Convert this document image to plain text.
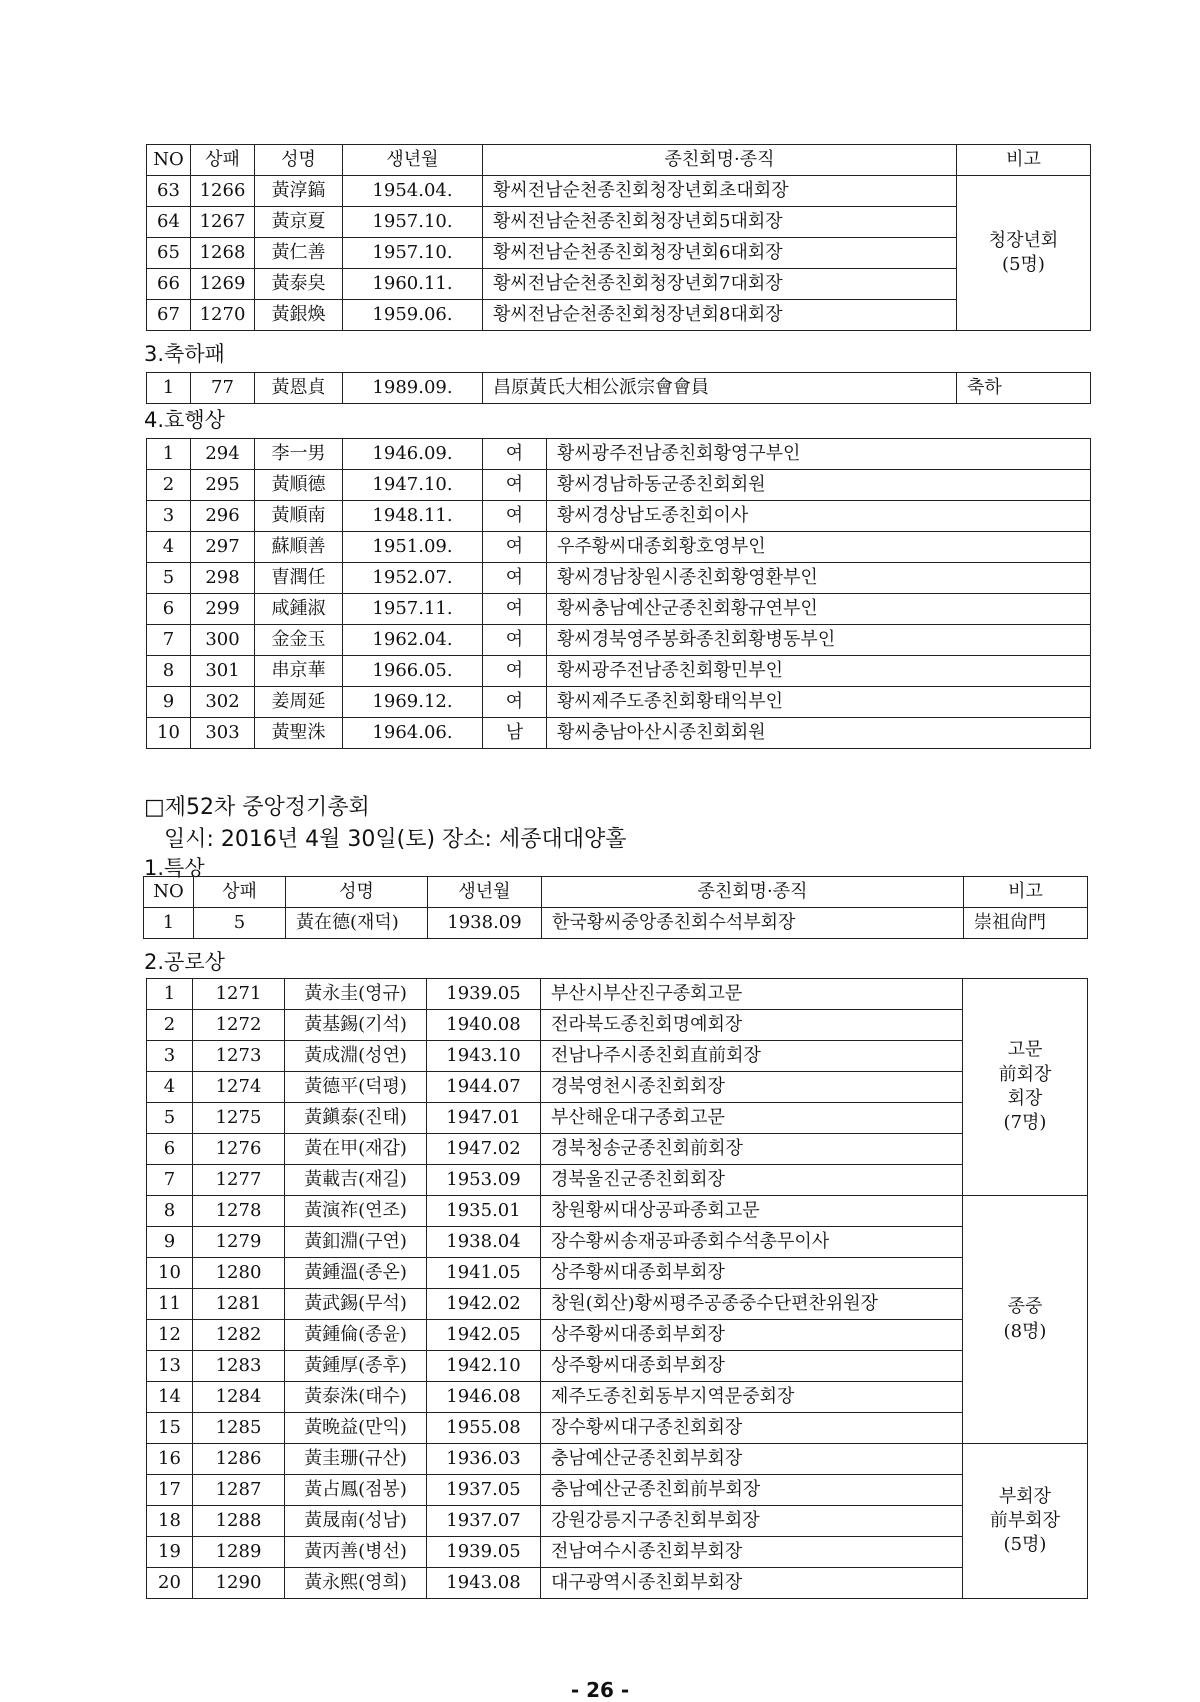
NO	상패	성명	생년월	종친회명·종직	비고
63	1266	黃淳鎬	1954.04.	황씨전남순천종친회청장년회초대회장	청장년회
(5명)

64	1267	黃京夏	1957.10.	황씨전남순천종친회청장년회5대회장	
65	1268	黃仁善	1957.10.	황씨전남순천종친회청장년회6대회장	
66	1269	黃泰㚖	1960.11.	황씨전남순천종친회청장년회7대회장	
67	1270	黃銀煥	1959.06.	황씨전남순천종친회청장년회8대회장	
3.축하패
1	77	黃恩貞	1989.09.	昌原黃氏大相公派宗會會員	축하
4.효행상
1	294	李一男	1946.09.	여	황씨광주전남종친회황영구부인
2	295	黃順德	1947.10.	여	황씨경남하동군종친회회원
3	296	黃順南	1948.11.	여	황씨경상남도종친회이사
4	297	蘇順善	1951.09.	여	우주황씨대종회황호영부인
5	298	曺潤任	1952.07.	여	황씨경남창원시종친회황영환부인
6	299	咸鍾淑	1957.11.	여	황씨충남예산군종친회황규연부인
7	300	金金玉	1962.04.	여	황씨경북영주봉화종친회황병동부인
8	301	串京華	1966.05.	여	황씨광주전남종친회황민부인
9	302	姜周延	1969.12.	여	황씨제주도종친회황태익부인
10	303	黃聖洙	1964.06.	남	황씨충남아산시종친회회원
□제52차 중앙정기총회
일시: 2016년 4월 30일(토) 장소: 세종대대양홀
1.특상
NO	상패	성명	생년월	종친회명·종직	비고
1	5	黃在德(재덕)	1938.09	한국황씨중앙종친회수석부회장	崇祖尙門
2.공로상
1	1271	黃永圭(영규)	1939.05	부산시부산진구종회고문	고문
前회장
회장
(7명)

2	1272	黃基錫(기석)	1940.08	전라북도종친회명예회장	
3	1273	黃成淵(성연)	1943.10	전남나주시종친회直前회장	
4	1274	黃德平(덕평)	1944.07	경북영천시종친회회장	
5	1275	黃鎭泰(진태)	1947.01	부산해운대구종회고문	
6	1276	黃在甲(재갑)	1947.02	경북청송군종친회前회장	
7	1277	黃載吉(재길)	1953.09	경북울진군종친회회장	
8	1278	黃演祚(연조)	1935.01	창원황씨대상공파종회고문	종중
(8명)

9	1279	黃釦淵(구연)	1938.04	장수황씨송재공파종회수석총무이사	
10	1280	黃鍾溫(종온)	1941.05	상주황씨대종회부회장	
11	1281	黃武錫(무석)	1942.02	창원(회산)황씨평주공종중수단편찬위원장	
12	1282	黃鍾倫(종윤)	1942.05	상주황씨대종회부회장	
13	1283	黃鍾厚(종후)	1942.10	상주황씨대종회부회장	
14	1284	黃泰洙(태수)	1946.08	제주도종친회동부지역문중회장	
15	1285	黃晩益(만익)	1955.08	장수황씨대구종친회회장	
16	1286	黃圭珊(규산)	1936.03	충남예산군종친회부회장	부회장
前부회장
(5명)

17	1287	黃占鳳(점봉)	1937.05	충남예산군종친회前부회장	
18	1288	黃晟南(성남)	1937.07	강원강릉지구종친회부회장	
19	1289	黃丙善(병선)	1939.05	전남여수시종친회부회장	
20	1290	黃永熙(영희)	1943.08	대구광역시종친회부회장	
- 26 -
